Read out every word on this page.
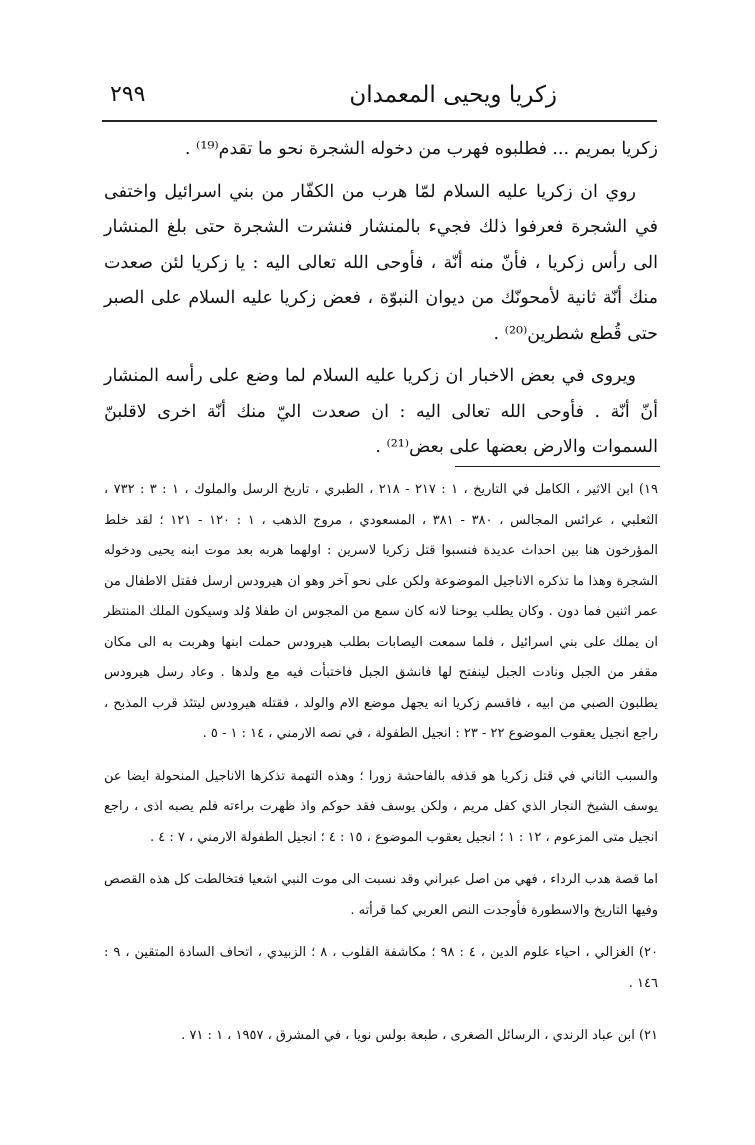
زكريا ويحيى المعمدان
٢٩٩

زكريا بمريم ... فطلبوه فهرب من دخوله الشجرة نحو ما تقدم⁽¹⁹⁾ .

روي ان زكريا عليه السلام لمّا هرب من الكفّار من بني اسرائيل واختفى في الشجرة فعرفوا ذلك فجيء بالمنشار فنشرت الشجرة حتى بلغ المنشار الى رأس زكريا ، فأنّ منه أنّة ، فأوحى الله تعالى اليه : يا زكريا لئن صعدت منك أنّة ثانية لأمحونّك من ديوان النبوّة ، فعض زكريا عليه السلام على الصبر حتى قُطع شطرين⁽²⁰⁾ .

ويروى في بعض الاخبار ان زكريا عليه السلام لما وضع على رأسه المنشار أنّ أنّة . فأوحى الله تعالى اليه : ان صعدت اليّ منك أنّة اخرى لاقلبنّ السموات والارض بعضها على بعض⁽²¹⁾ .

١٩) ابن الاثير ، الكامل في التاريخ ، ١ : ٢١٧ - ٢١٨ ، الطبري ، تاريخ الرسل والملوك ، ١ : ٣ : ٧٣٢ ، الثعلبي ، عرائس المجالس ، ٣٨٠ - ٣٨١ ، المسعودي ، مروج الذهب ، ١ : ١٢٠ - ١٢١ ؛ لقد خلط المؤرخون هنا بين احداث عديدة فنسبوا قتل زكريا لاسرين : اولهما هربه بعد موت ابنه يحيى ودخوله الشجرة وهذا ما تذكره الاناجيل الموضوعة ولكن على نحو آخر وهو ان هيرودس ارسل فقتل الاطفال من عمر اثنين فما دون . وكان يطلب يوحنا لانه كان سمع من المجوس ان طفلا وُلد وسيكون الملك المنتظر ان يملك على بني اسرائيل ، فلما سمعت اليصابات بطلب هيرودس حملت ابنها وهربت به الى مكان مقفر من الجبل ونادت الجبل لينفتح لها فانشق الجبل فاختبأت فيه مع ولدها . وعاد رسل هيرودس يطلبون الصبي من ابيه ، فاقسم زكريا انه يجهل موضع الام والولد ، فقتله هيرودس ليتئذ قرب المذبح ، راجع انجيل يعقوب الموضوع ٢٢ - ٢٣ : انجيل الطفولة ، في نصه الارمني ، ١٤ : ١ - ٥ .

والسبب الثاني في قتل زكريا هو قذفه بالفاحشة زورا ؛ وهذه التهمة تذكرها الاناجيل المنحولة ايضا عن يوسف الشيخ النجار الذي كفل مريم ، ولكن يوسف فقد حوكم واذ ظهرت براءته فلم يصبه اذى ، راجع انجيل متى المزعوم ، ١٢ : ١ ؛ انجيل يعقوب الموضوع ، ١٥ : ٤ ؛ انجيل الطفولة الارمني ، ٧ : ٤ .

اما قصة هدب الرداء ، فهي من اصل عبراني وقد نسبت الى موت النبي اشعيا فتخالطت كل هذه القصص وفيها التاريخ والاسطورة فأوجدت النص العربي كما قرأته .

٢٠) الغزالي ، احياء علوم الدين ، ٤ : ٩٨ ؛ مكاشفة القلوب ، ٨ ؛ الزبيدي ، اتحاف السادة المتقين ، ٩ : ١٤٦ .

٢١) ابن عباد الرندي ، الرسائل الصغرى ، طبعة بولس نويا ، في المشرق ، ١٩٥٧ ، ١ : ٧١ .
